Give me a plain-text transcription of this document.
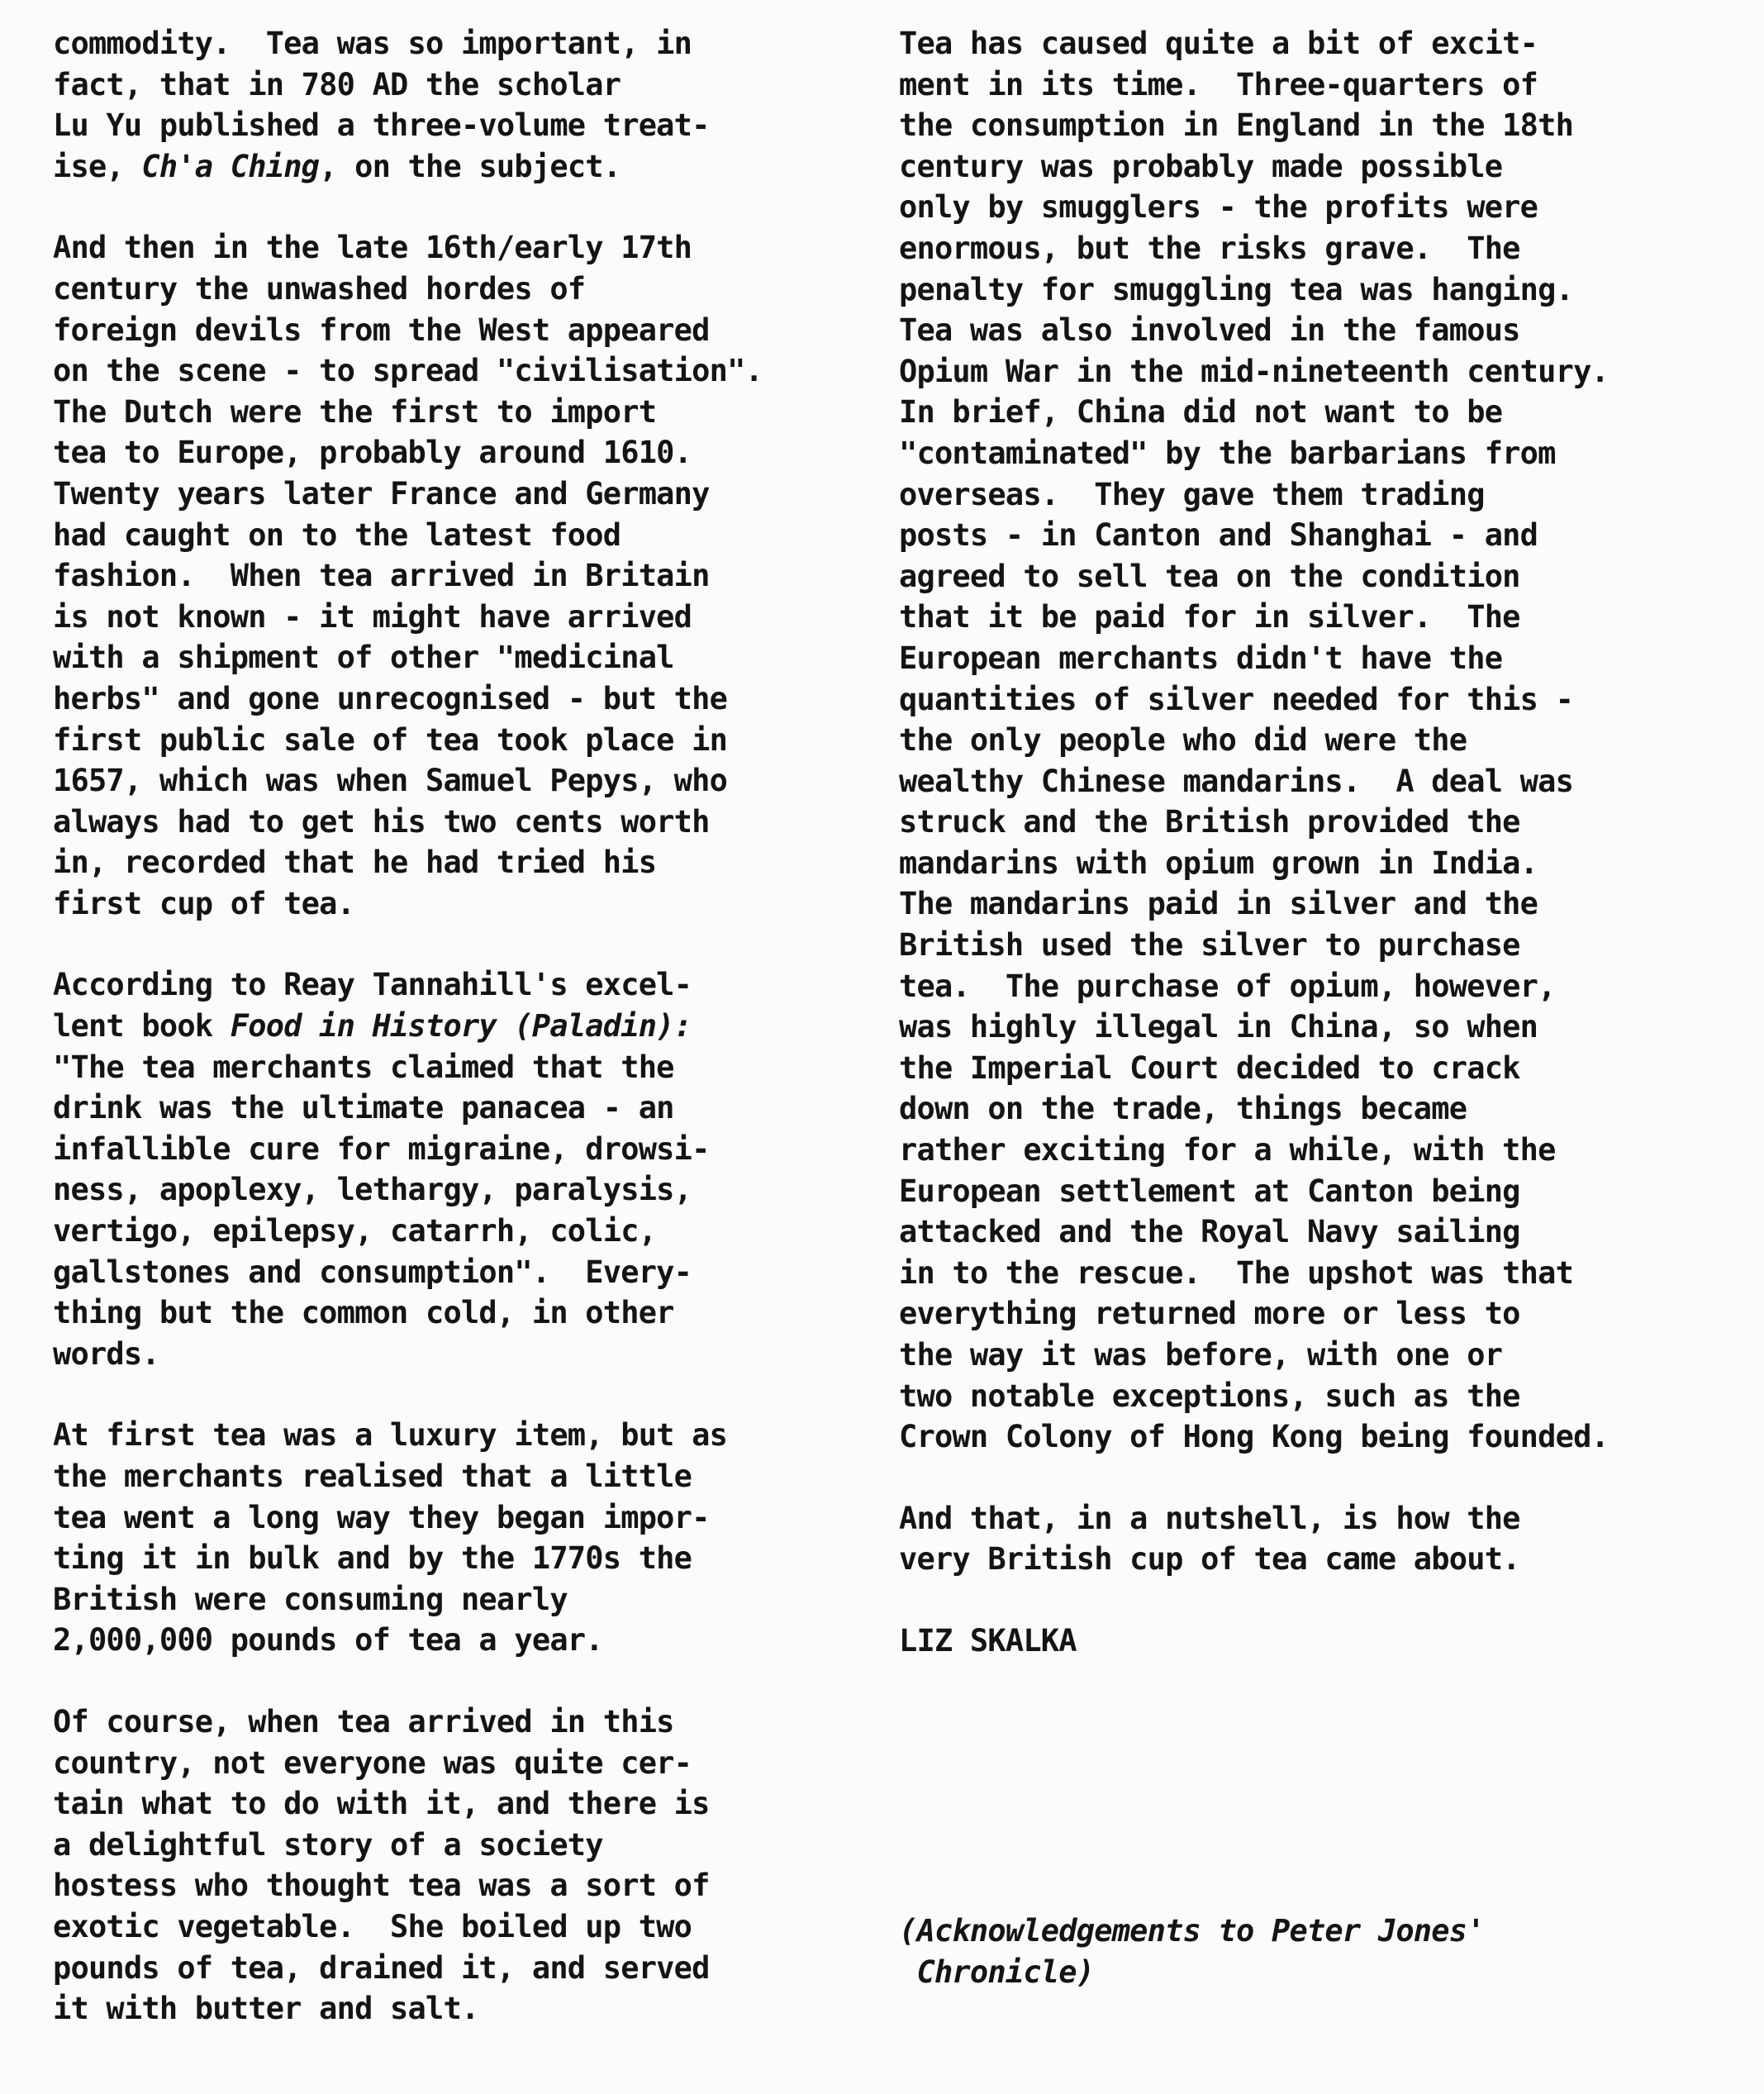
commodity.  Tea was so important, in
fact, that in 780 AD the scholar
Lu Yu published a three-volume treat-
ise, Ch'a Ching, on the subject.
And then in the late 16th/early 17th
century the unwashed hordes of
foreign devils from the West appeared
on the scene - to spread "civilisation".
The Dutch were the first to import
tea to Europe, probably around 1610.
Twenty years later France and Germany
had caught on to the latest food
fashion.  When tea arrived in Britain
is not known - it might have arrived
with a shipment of other "medicinal
herbs" and gone unrecognised - but the
first public sale of tea took place in
1657, which was when Samuel Pepys, who
always had to get his two cents worth
in, recorded that he had tried his
first cup of tea.
According to Reay Tannahill's excel-
lent book Food in History (Paladin):
"The tea merchants claimed that the
drink was the ultimate panacea - an
infallible cure for migraine, drowsi-
ness, apoplexy, lethargy, paralysis,
vertigo, epilepsy, catarrh, colic,
gallstones and consumption".  Every-
thing but the common cold, in other
words.
At first tea was a luxury item, but as
the merchants realised that a little
tea went a long way they began impor-
ting it in bulk and by the 1770s the
British were consuming nearly
2,000,000 pounds of tea a year.
Of course, when tea arrived in this
country, not everyone was quite cer-
tain what to do with it, and there is
a delightful story of a society
hostess who thought tea was a sort of
exotic vegetable.  She boiled up two
pounds of tea, drained it, and served
it with butter and salt.
Tea has caused quite a bit of excit-
ment in its time.  Three-quarters of
the consumption in England in the 18th
century was probably made possible
only by smugglers - the profits were
enormous, but the risks grave.  The
penalty for smuggling tea was hanging.
Tea was also involved in the famous
Opium War in the mid-nineteenth century.
In brief, China did not want to be
"contaminated" by the barbarians from
overseas.  They gave them trading
posts - in Canton and Shanghai - and
agreed to sell tea on the condition
that it be paid for in silver.  The
European merchants didn't have the
quantities of silver needed for this -
the only people who did were the
wealthy Chinese mandarins.  A deal was
struck and the British provided the
mandarins with opium grown in India.
The mandarins paid in silver and the
British used the silver to purchase
tea.  The purchase of opium, however,
was highly illegal in China, so when
the Imperial Court decided to crack
down on the trade, things became
rather exciting for a while, with the
European settlement at Canton being
attacked and the Royal Navy sailing
in to the rescue.  The upshot was that
everything returned more or less to
the way it was before, with one or
two notable exceptions, such as the
Crown Colony of Hong Kong being founded.
And that, in a nutshell, is how the
very British cup of tea came about.
LIZ SKALKA
(Acknowledgements to Peter Jones'
Chronicle)
